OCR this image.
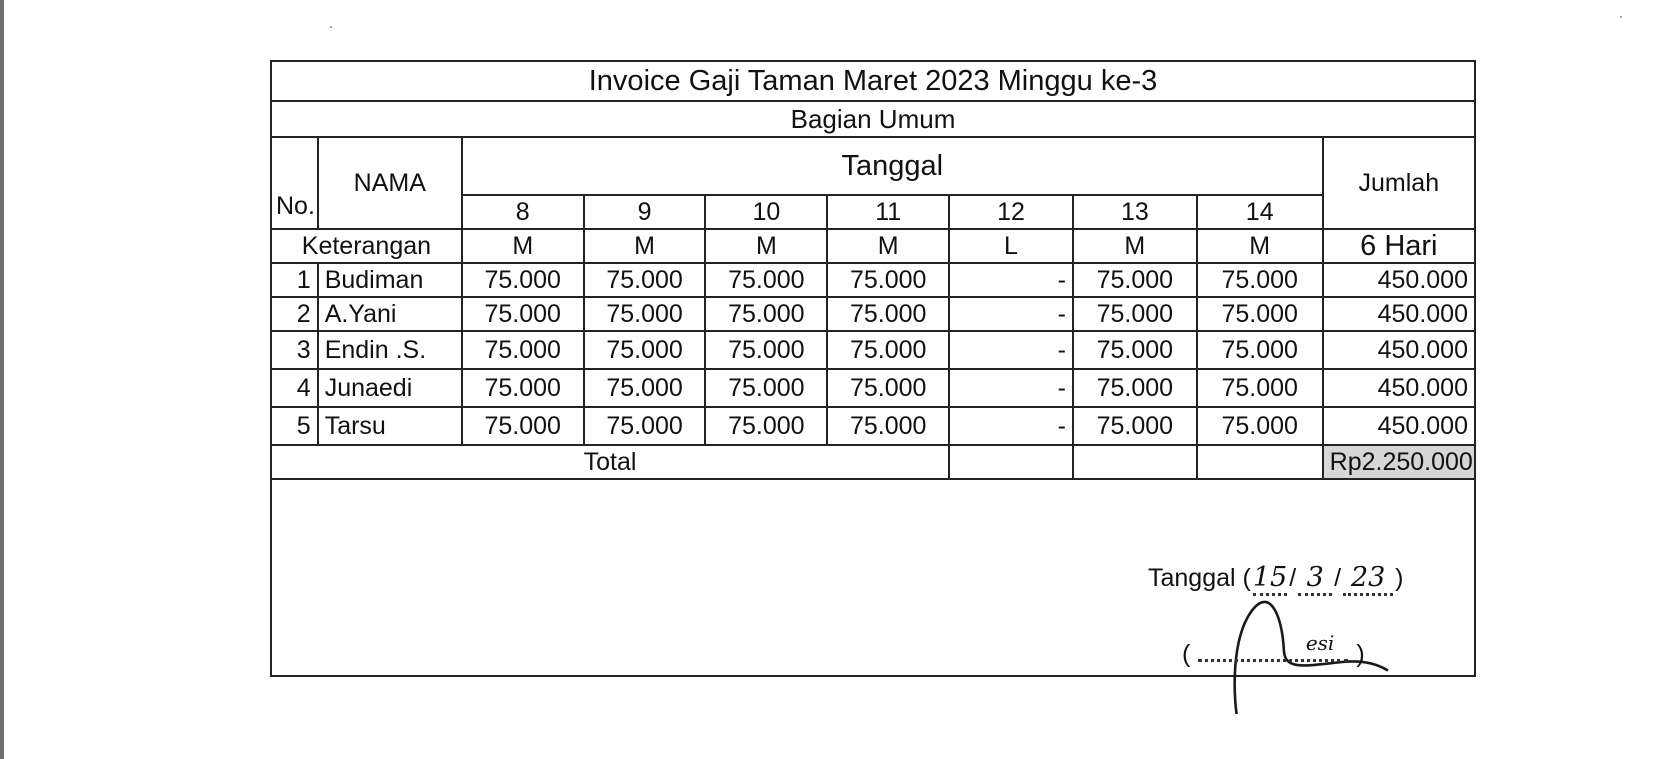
Invoice Gaji Taman Maret 2023 Minggu ke-3									
Bagian Umum									
No.	NAMA	Tanggal							Jumlah
		8	9	10	11	12	13	14	
Keterangan		M	M	M	M	L	M	M	6 Hari
1	Budiman	75.000	75.000	75.000	75.000	-	75.000	75.000	450.000
2	A.Yani	75.000	75.000	75.000	75.000	-	75.000	75.000	450.000
3	Endin .S.	75.000	75.000	75.000	75.000	-	75.000	75.000	450.000
4	Junaedi	75.000	75.000	75.000	75.000	-	75.000	75.000	450.000
5	Tarsu	75.000	75.000	75.000	75.000	-	75.000	75.000	450.000
Total									Rp2.250.000
Tanggal ( 15 / 3 / 23 )
(	esi )
